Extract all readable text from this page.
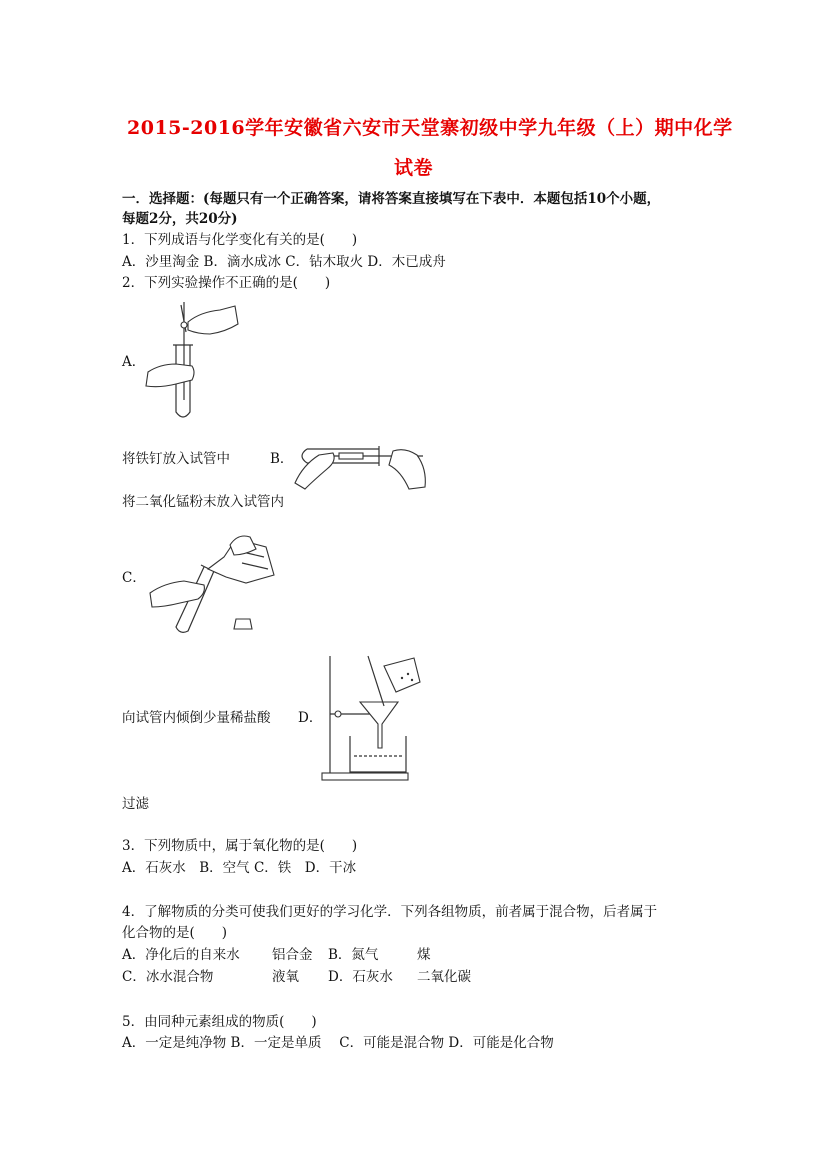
2015-2016学年安徽省六安市天堂寨初级中学九年级（上）期中化学
试卷
一．选择题：(每题只有一个正确答案，请将答案直接填写在下表中．本题包括10个小题，
每题2分，共20分)
1．下列成语与化学变化有关的是(　　)
A．沙里淘金 B．滴水成冰 C．钻木取火 D．木已成舟
2．下列实验操作不正确的是(　　)
A．
将铁钉放入试管中	B．
将二氧化锰粉末放入试管内
C．
向试管内倾倒少量稀盐酸 D．
过滤
3．下列物质中，属于氧化物的是(　　)
A．石灰水　B．空气 C．铁　D．干冰
4．了解物质的分类可使我们更好的学习化学．下列各组物质，前者属于混合物，后者属于
化合物的是(　　)
A．净化后的自来水 铝合金 B．氮气	煤
C．冰水混合物	液氧 D．石灰水 二氧化碳
5．由同种元素组成的物质(　　)
A．一定是纯净物 B．一定是单质　 C．可能是混合物 D．可能是化合物
